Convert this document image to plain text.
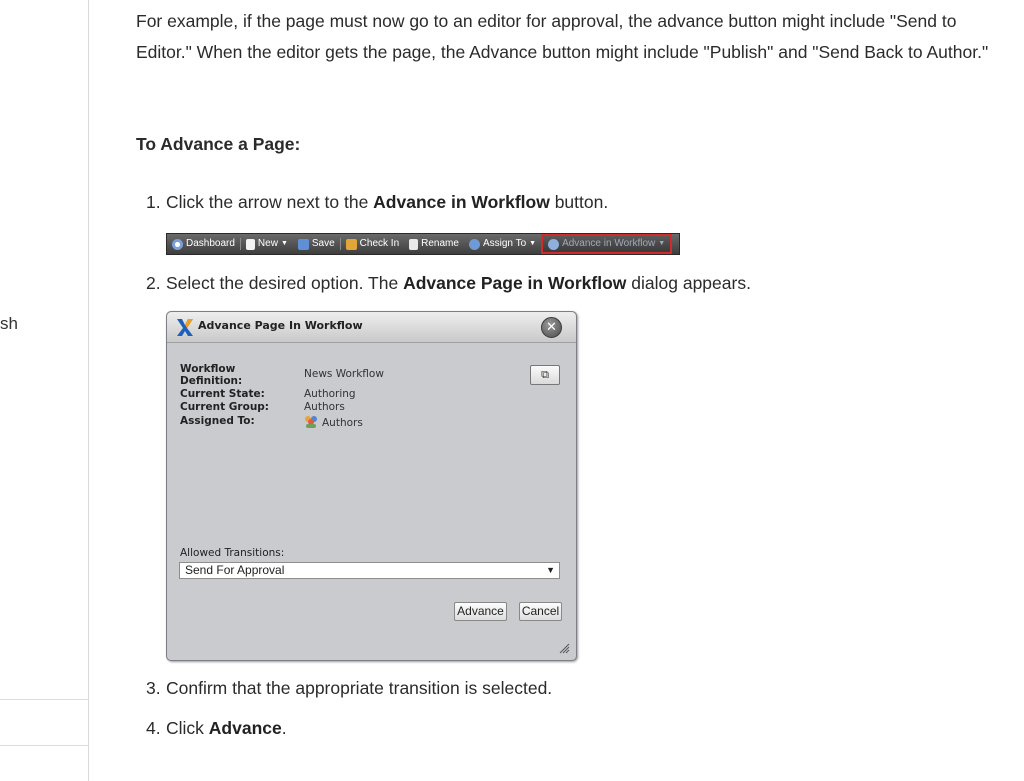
sh

For example, if the page must now go to an editor for approval, the advance button might include "Send to Editor." When the editor gets the page, the Advance button might include "Publish" and "Send Back to Author."

To Advance a Page:

1. Click the arrow next to the Advance in Workflow button.
Dashboard New ▼ Save	Check In Rename Assign To ▼	Advance in Workflow ▼
2. Select the desired option. The Advance Page in Workflow dialog appears.
Advance Page In Workflow	✕
Workflow Definition:
News Workflow	⧉
Current State:	Authoring
Current Group:	Authors
Assigned To:	Authors
Allowed Transitions:
Send For Approval	▼
Advance Cancel
3. Confirm that the appropriate transition is selected.
4. Click Advance.
